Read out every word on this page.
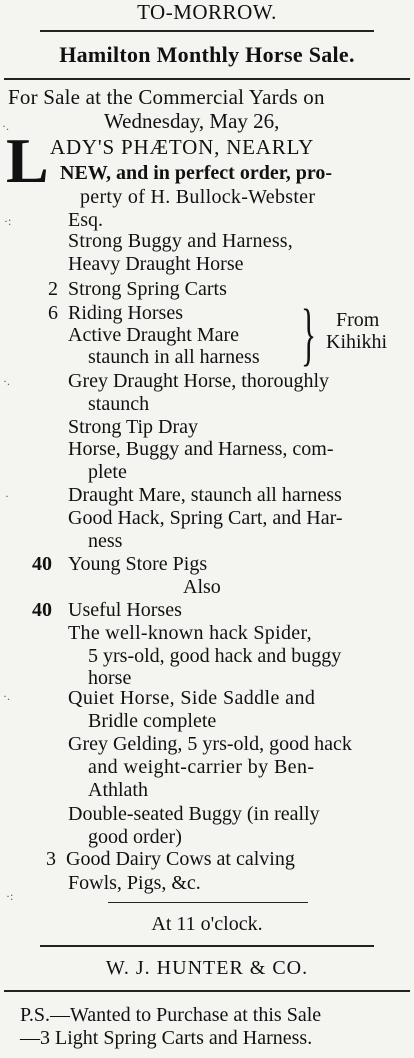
TO-MORROW.
Hamilton Monthly Horse Sale.
For Sale at the Commercial Yards on
Wednesday, May 26,
L ADY'S PHÆTON, NEARLY
NEW, and in perfect order, pro-
perty of H. Bullock-Webster
Esq.
Strong Buggy and Harness,
Heavy Draught Horse
2 Strong Spring Carts
6 Riding Horses
Active Draught Mare
staunch in all harness } From
Kihikhi
Grey Draught Horse, thoroughly
staunch
Strong Tip Dray
Horse, Buggy and Harness, com-
plete
Draught Mare, staunch all harness
Good Hack, Spring Cart, and Har-
ness
40 Young Store Pigs
Also
40 Useful Horses
The well-known hack Spider,
5 yrs-old, good hack and buggy
horse
Quiet Horse, Side Saddle and
Bridle complete
Grey Gelding, 5 yrs-old, good hack
and weight-carrier by Ben-
Athlath
Double-seated Buggy (in really
good order)
3 Good Dairy Cows at calving
Fowls, Pigs, &c.
At 11 o'clock.
W. J. HUNTER & CO.
P.S.—Wanted to Purchase at this Sale
—3 Light Spring Carts and Harness.
·.
·:
·.
·
·.
·:
